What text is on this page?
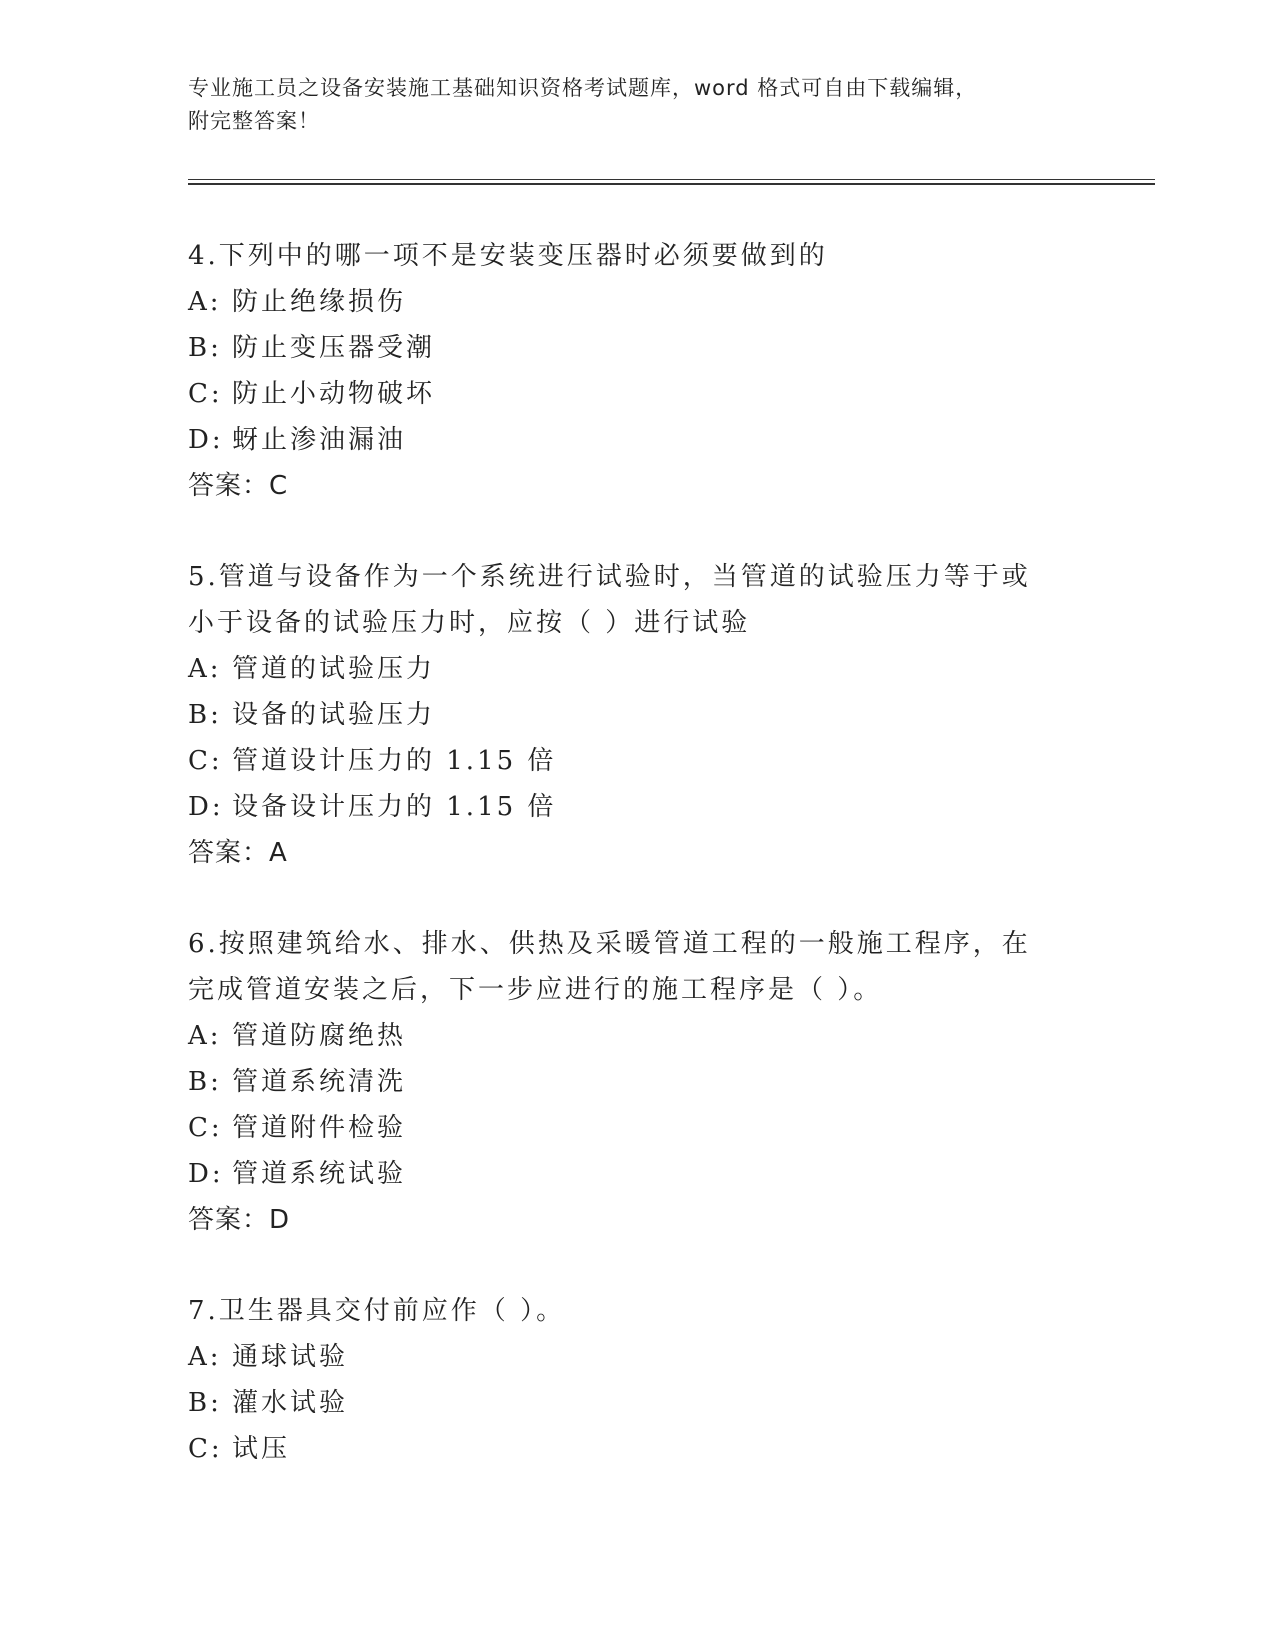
专业施工员之设备安装施工基础知识资格考试题库，word 格式可自由下载编辑，
附完整答案！
4.下列中的哪一项不是安装变压器时必须要做到的
A: 防止绝缘损伤
B: 防止变压器受潮
C: 防止小动物破坏
D: 蚜止渗油漏油
答案：C
5.管道与设备作为一个系统进行试验时，当管道的试验压力等于或小于设备的试验压力时，应按（ ）进行试验
A: 管道的试验压力
B: 设备的试验压力
C: 管道设计压力的 1.15 倍
D: 设备设计压力的 1.15 倍
答案：A
6.按照建筑给水、排水、供热及采暖管道工程的一般施工程序，在完成管道安装之后，下一步应进行的施工程序是（ ）。
A: 管道防腐绝热
B: 管道系统清洗
C: 管道附件检验
D: 管道系统试验
答案：D
7.卫生器具交付前应作（ ）。
A: 通球试验
B: 灌水试验
C: 试压
